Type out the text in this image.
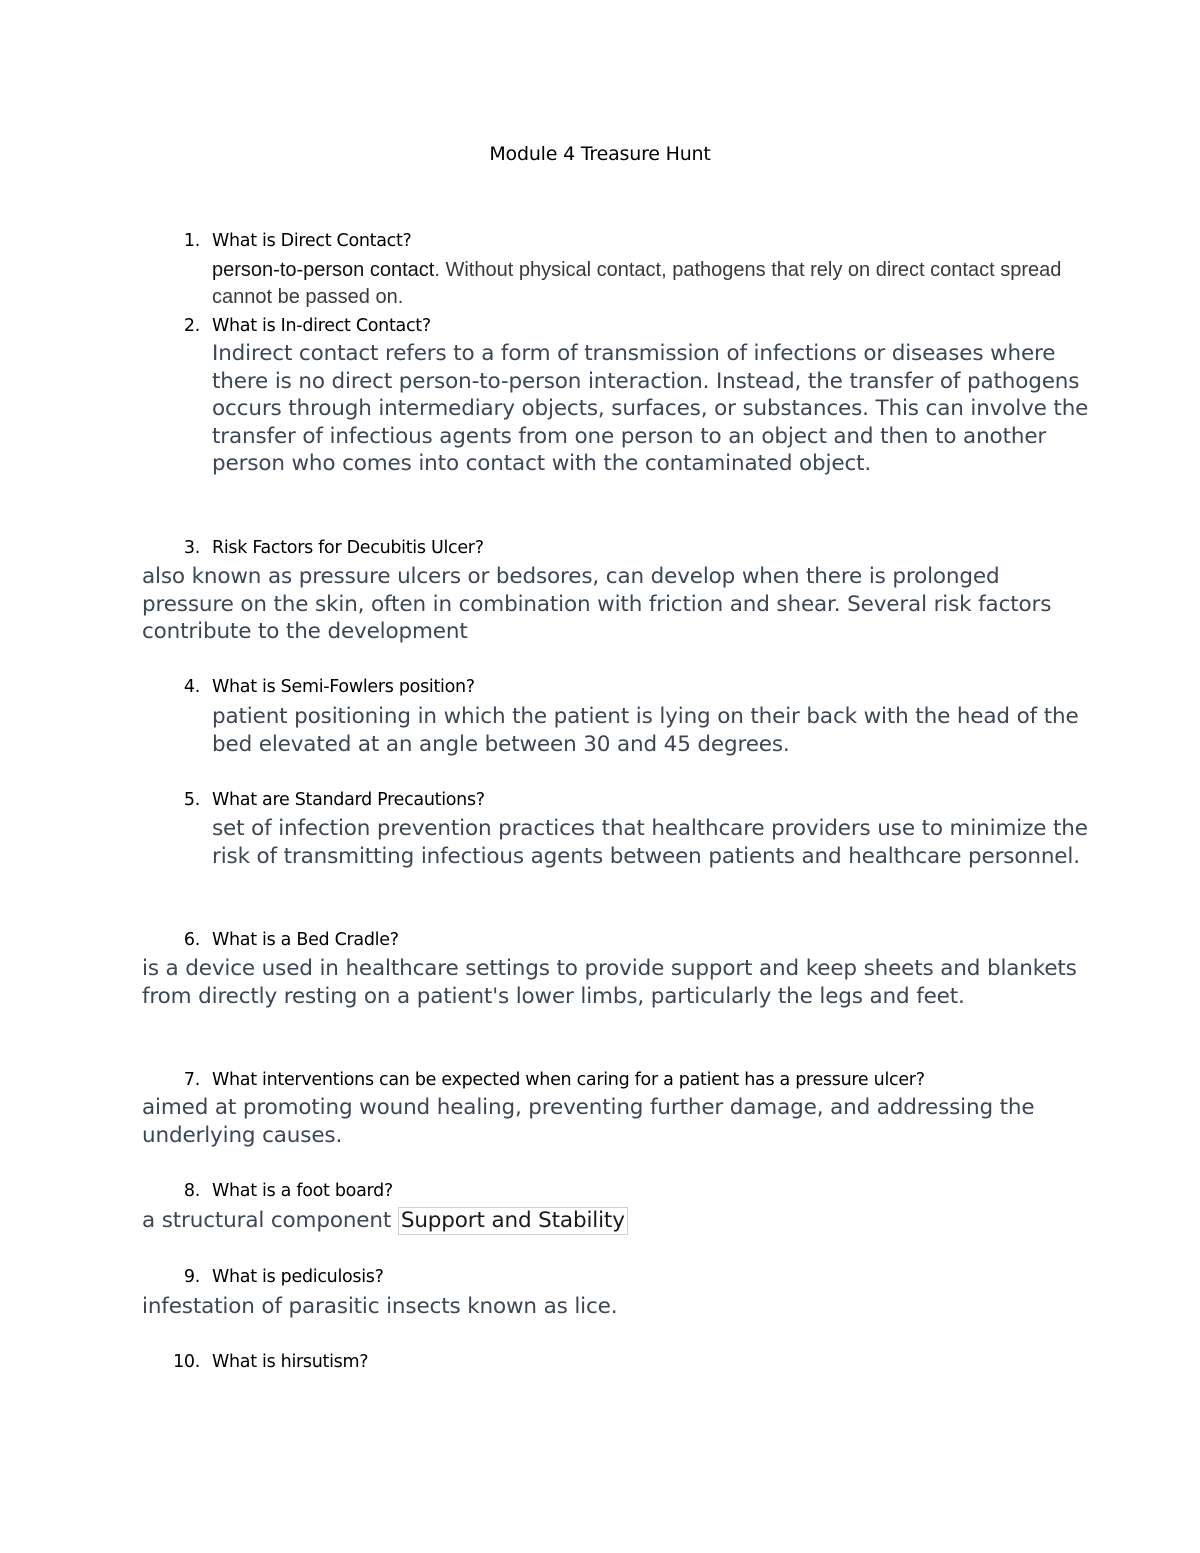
Module 4 Treasure Hunt
1. What is Direct Contact?
person-to-person contact. Without physical contact, pathogens that rely on direct contact spread cannot be passed on.
2. What is In-direct Contact?
Indirect contact refers to a form of transmission of infections or diseases where there is no direct person-to-person interaction. Instead, the transfer of pathogens occurs through intermediary objects, surfaces, or substances. This can involve the transfer of infectious agents from one person to an object and then to another person who comes into contact with the contaminated object.
3. Risk Factors for Decubitis Ulcer?
also known as pressure ulcers or bedsores, can develop when there is prolonged pressure on the skin, often in combination with friction and shear. Several risk factors contribute to the development
4. What is Semi-Fowlers position?
patient positioning in which the patient is lying on their back with the head of the bed elevated at an angle between 30 and 45 degrees.
5. What are Standard Precautions?
set of infection prevention practices that healthcare providers use to minimize the risk of transmitting infectious agents between patients and healthcare personnel.
6. What is a Bed Cradle?
is a device used in healthcare settings to provide support and keep sheets and blankets from directly resting on a patient's lower limbs, particularly the legs and feet.
7. What interventions can be expected when caring for a patient has a pressure ulcer?
aimed at promoting wound healing, preventing further damage, and addressing the underlying causes.
8. What is a foot board?
a structural component Support and Stability
9. What is pediculosis?
infestation of parasitic insects known as lice.
10. What is hirsutism?
